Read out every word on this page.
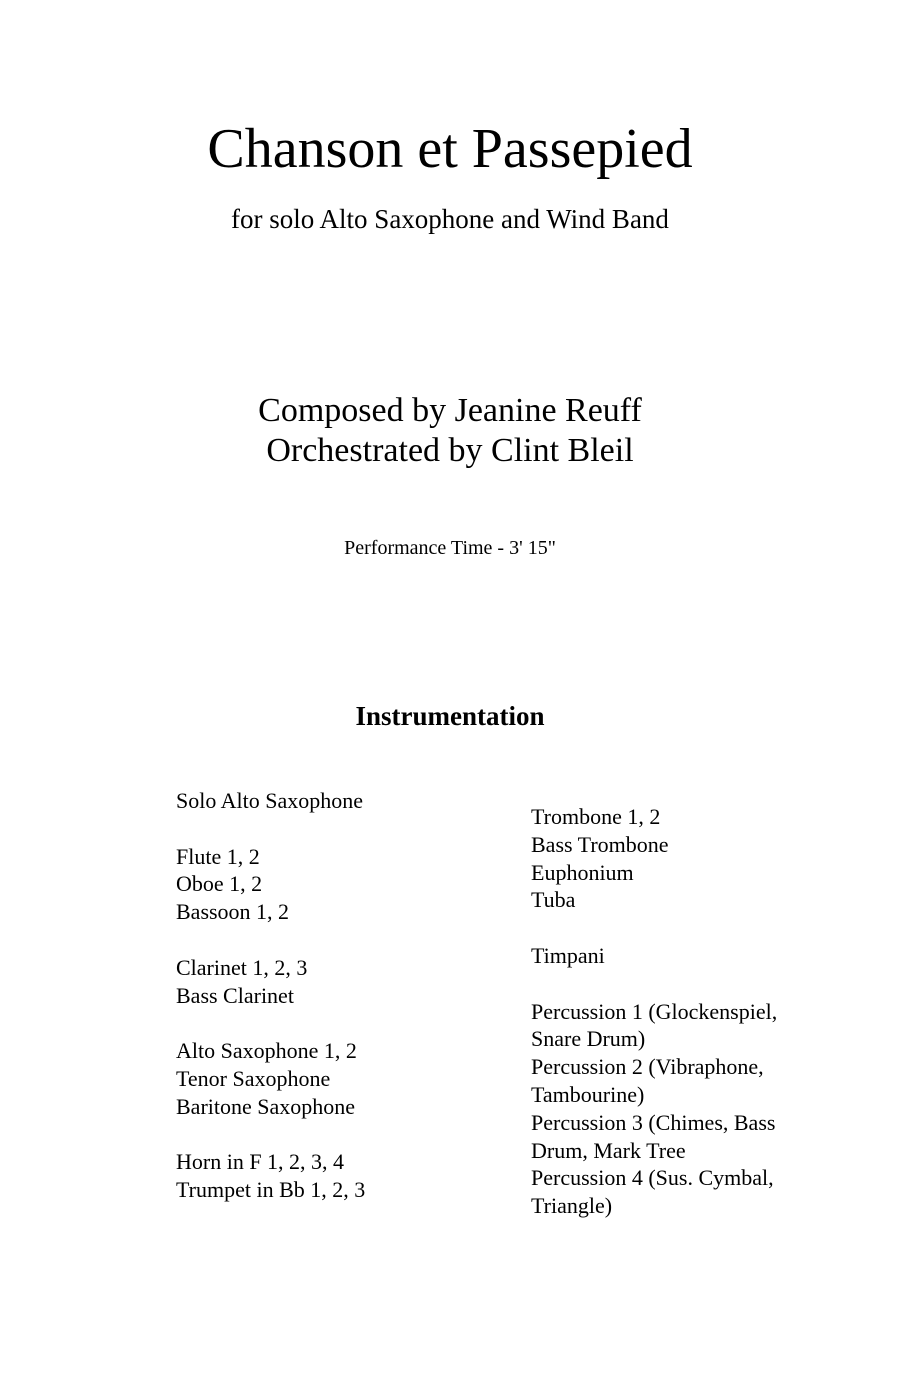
Chanson et Passepied
for solo Alto Saxophone and Wind Band
Composed by Jeanine Reuff
Orchestrated by Clint Bleil
Performance Time - 3' 15"
Instrumentation
Solo Alto Saxophone
Flute 1, 2
Oboe 1, 2
Bassoon 1, 2
Clarinet 1, 2, 3
Bass Clarinet
Alto Saxophone 1, 2
Tenor Saxophone
Baritone Saxophone
Horn in F 1, 2, 3, 4
Trumpet in Bb 1, 2, 3
Trombone 1, 2
Bass Trombone
Euphonium
Tuba
Timpani
Percussion 1 (Glockenspiel,
Snare Drum)
Percussion 2 (Vibraphone,
Tambourine)
Percussion 3 (Chimes, Bass
Drum, Mark Tree
Percussion 4 (Sus. Cymbal,
Triangle)
